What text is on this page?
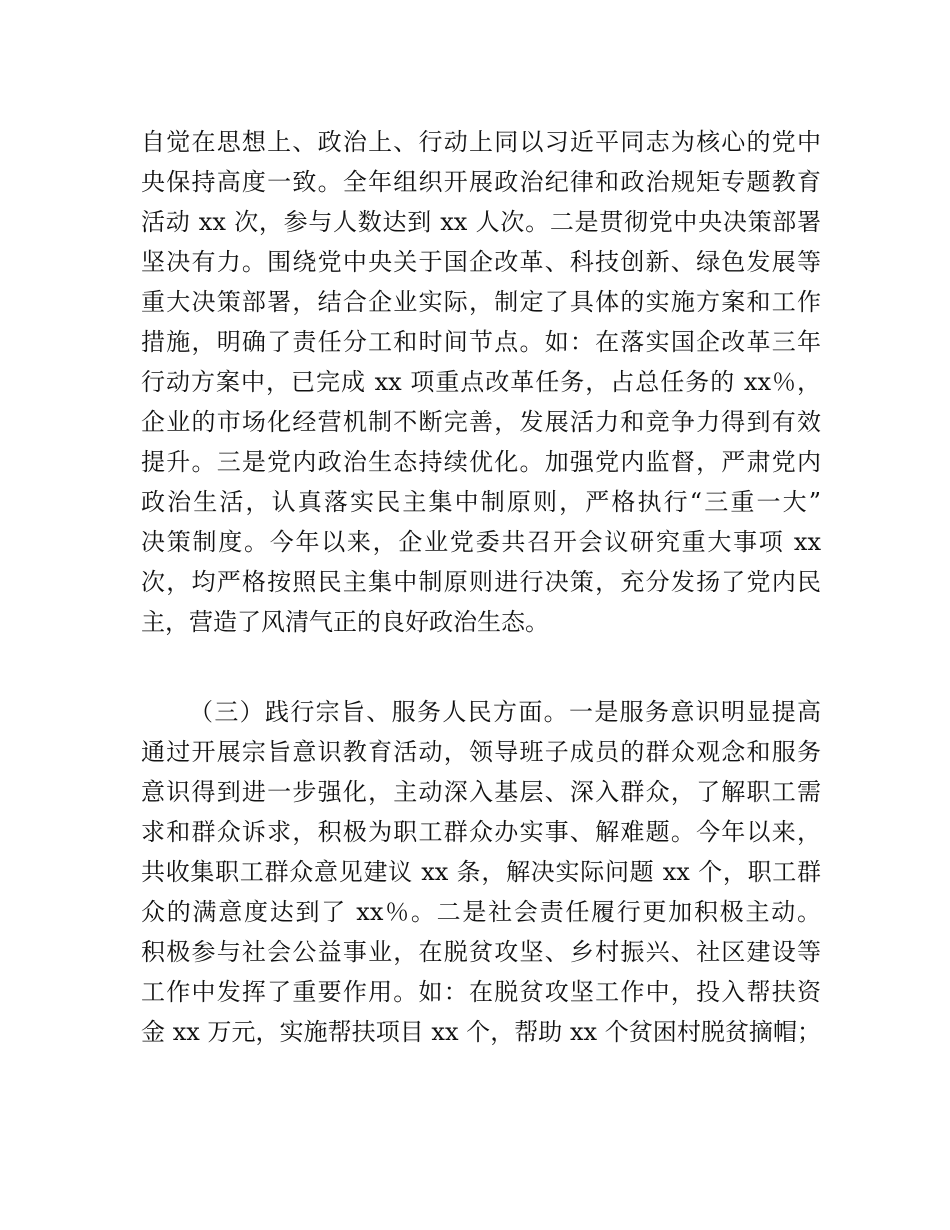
自觉在思想上、政治上、行动上同以习近平同志为核心的党中
央保持高度一致。全年组织开展政治纪律和政治规矩专题教育
活动 xx 次，参与人数达到 xx 人次。二是贯彻党中央决策部署
坚决有力。围绕党中央关于国企改革、科技创新、绿色发展等
重大决策部署，结合企业实际，制定了具体的实施方案和工作
措施，明确了责任分工和时间节点。如：在落实国企改革三年
行动方案中，已完成 xx 项重点改革任务，占总任务的 xx％，
企业的市场化经营机制不断完善，发展活力和竞争力得到有效
提升。三是党内政治生态持续优化。加强党内监督，严肃党内
政治生活，认真落实民主集中制原则，严格执行“三重一大”
决策制度。今年以来，企业党委共召开会议研究重大事项 xx
次，均严格按照民主集中制原则进行决策，充分发扬了党内民
主，营造了风清气正的良好政治生态。
（三）践行宗旨、服务人民方面。一是服务意识明显提高
通过开展宗旨意识教育活动，领导班子成员的群众观念和服务
意识得到进一步强化，主动深入基层、深入群众，了解职工需
求和群众诉求，积极为职工群众办实事、解难题。今年以来，
共收集职工群众意见建议 xx 条，解决实际问题 xx 个，职工群
众的满意度达到了 xx％。二是社会责任履行更加积极主动。
积极参与社会公益事业，在脱贫攻坚、乡村振兴、社区建设等
工作中发挥了重要作用。如：在脱贫攻坚工作中，投入帮扶资
金 xx 万元，实施帮扶项目 xx 个，帮助 xx 个贫困村脱贫摘帽；
